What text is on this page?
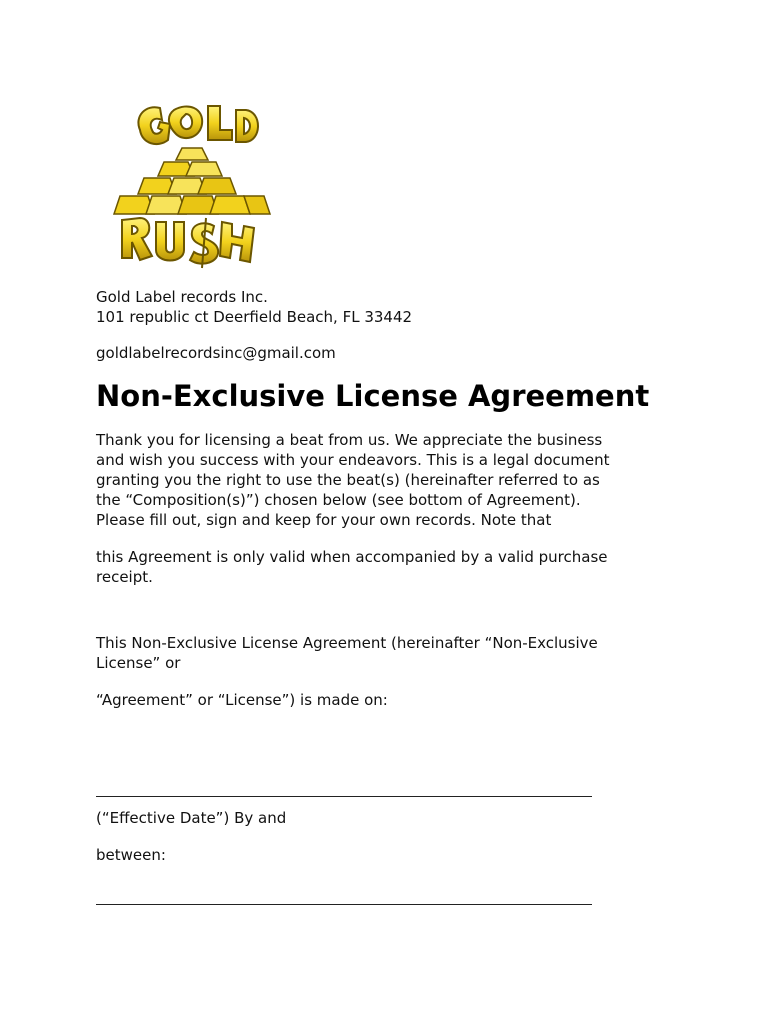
Gold Label records Inc.
101 republic ct Deerfield Beach, FL 33442
goldlabelrecordsinc@gmail.com
Non-Exclusive License Agreement
Thank you for licensing a beat from us. We appreciate the business
and wish you success with your endeavors. This is a legal document
granting you the right to use the beat(s) (hereinafter referred to as
the “Composition(s)”) chosen below (see bottom of Agreement).
Please fill out, sign and keep for your own records. Note that
this Agreement is only valid when accompanied by a valid purchase
receipt.
This Non-Exclusive License Agreement (hereinafter “Non-Exclusive
License” or
“Agreement” or “License”) is made on:
(“Effective Date”) By and
between:
